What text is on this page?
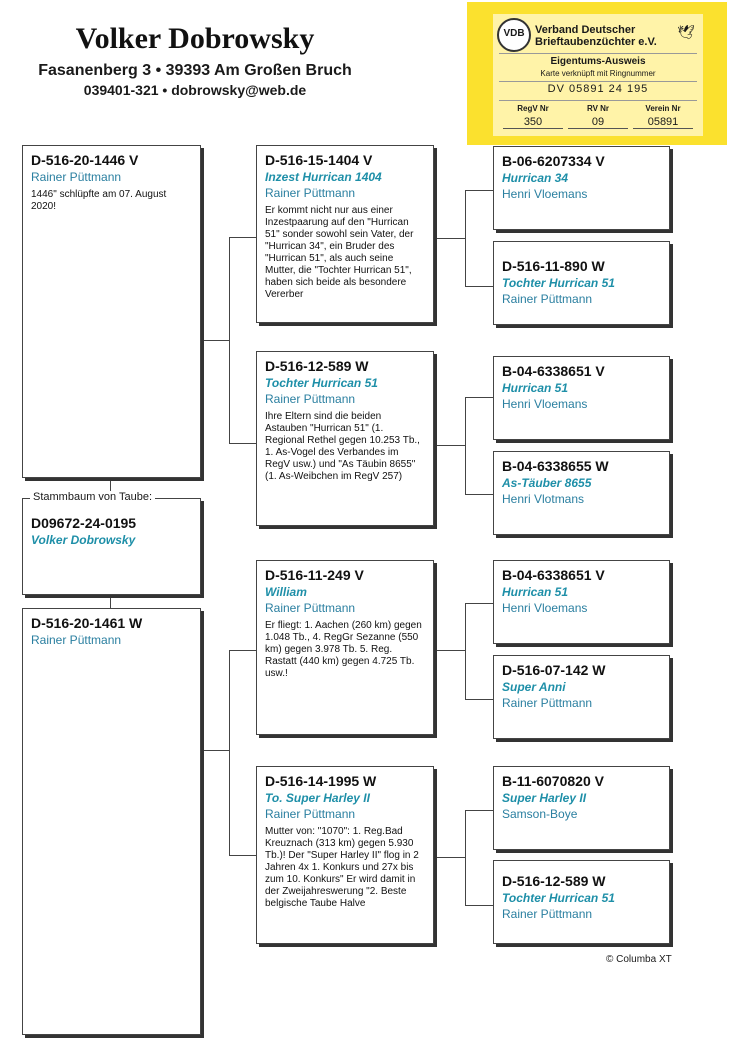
Volker Dobrowsky
Fasanenberg 3 • 39393 Am Großen Bruch
039401-321 • dobrowsky@web.de
VDB Verband Deutscher
Brieftaubenzüchter e.V.
🕊
Eigentums-Ausweis
Karte verknüpft mit Ringnummer
DV 05891 24 195
RegV Nr
350
RV Nr
09
Verein Nr
05891
D-516-20-1446 V
Rainer Püttmann
1446" schlüpfte am 07. August 2020!
D09672-24-0195
Volker Dobrowsky
Stammbaum von Taube:
D-516-20-1461 W
Rainer Püttmann
D-516-15-1404 V
Inzest Hurrican 1404
Rainer Püttmann
Er kommt nicht nur aus einer Inzestpaarung auf den "Hurrican 51" sonder sowohl sein Vater, der "Hurrican 34", ein Bruder des "Hurrican 51", als auch seine Mutter, die "Tochter Hurrican 51", haben sich beide als besondere Vererber
D-516-12-589 W
Tochter Hurrican 51
Rainer Püttmann
Ihre Eltern sind die beiden Astauben "Hurrican 51" (1. Regional Rethel gegen 10.253 Tb., 1. As-Vogel des Verbandes im RegV usw.) und "As Täubin 8655" (1. As-Weibchen im RegV 257)
D-516-11-249 V
William
Rainer Püttmann
Er fliegt: 1. Aachen (260 km) gegen 1.048 Tb., 4. RegGr Sezanne (550 km) gegen 3.978 Tb. 5. Reg. Rastatt (440 km) gegen 4.725 Tb. usw.!
D-516-14-1995 W
To. Super Harley II
Rainer Püttmann
Mutter von: "1070": 1. Reg.Bad Kreuznach (313 km) gegen 5.930 Tb.)! Der "Super Harley II" flog in 2 Jahren 4x 1. Konkurs und 27x bis zum 10. Konkurs" Er wird damit in der Zweijahreswerung "2. Beste belgische Taube Halve
B-06-6207334 V
Hurrican 34
Henri Vloemans
D-516-11-890 W
Tochter Hurrican 51
Rainer Püttmann
B-04-6338651 V
Hurrican 51
Henri Vloemans
B-04-6338655 W
As-Täuber 8655
Henri Vlotmans
B-04-6338651 V
Hurrican 51
Henri Vloemans
D-516-07-142 W
Super Anni
Rainer Püttmann
B-11-6070820 V
Super Harley II
Samson-Boye
D-516-12-589 W
Tochter Hurrican 51
Rainer Püttmann
© Columba XT
